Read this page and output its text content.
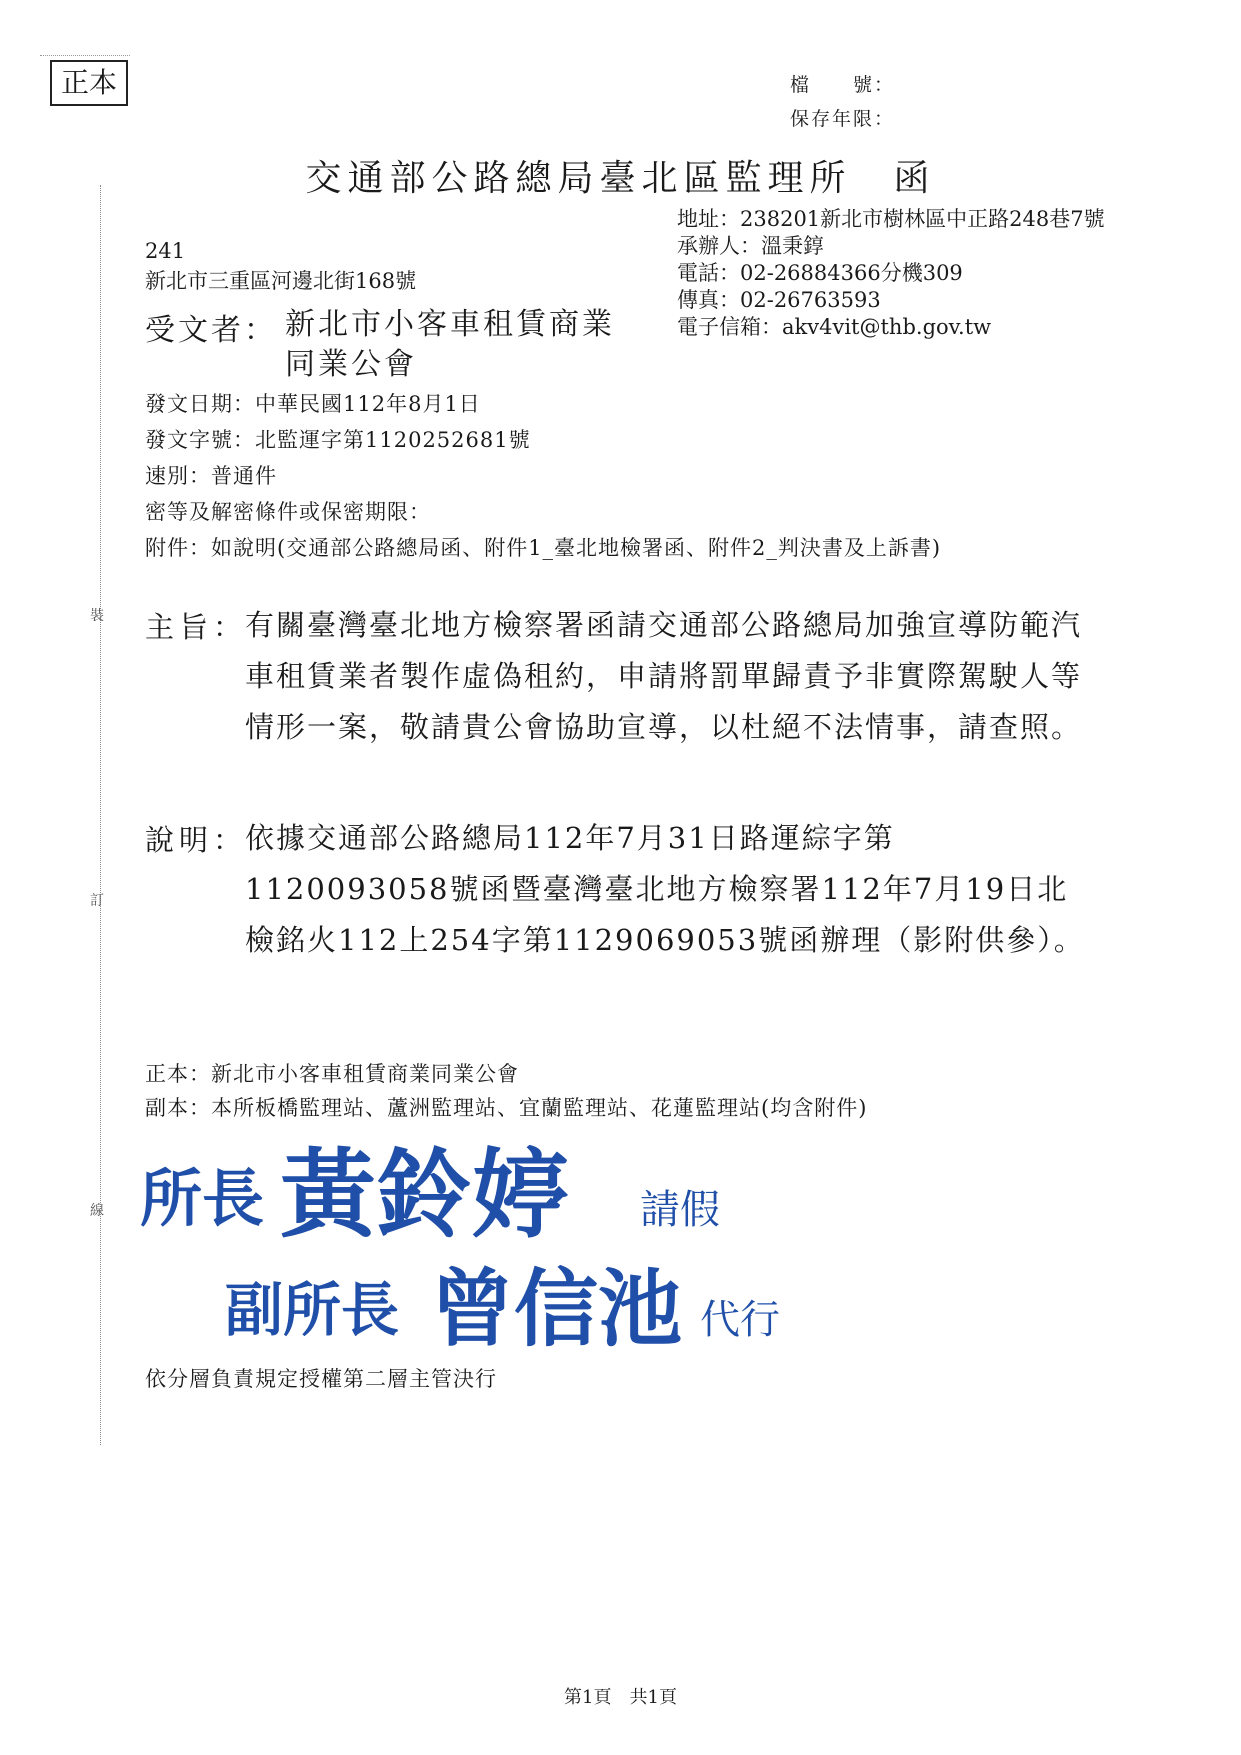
正本	檔　　號：
保存年限：
交通部公路總局臺北區監理所　函
地址：238201新北市樹林區中正路248巷7號
承辦人：溫秉錞
電話：02-26884366分機309
傳真：02-26763593
電子信箱：akv4vit@thb.gov.tw
241
新北市三重區河邊北街168號
受文者： 新北市小客車租賃商業同業公會
發文日期：中華民國112年8月1日
發文字號：北監運字第1120252681號
速別：普通件
密等及解密條件或保密期限：
附件：如說明(交通部公路總局函、附件1_臺北地檢署函、附件2_判決書及上訴書)
主旨：
有關臺灣臺北地方檢察署函請交通部公路總局加強宣導防範汽車租賃業者製作虛偽租約，申請將罰單歸責予非實際駕駛人等情形一案，敬請貴公會協助宣導，以杜絕不法情事，請查照。
說明：
依據交通部公路總局112年7月31日路運綜字第1120093058號函暨臺灣臺北地方檢察署112年7月19日北檢銘火112上254字第1129069053號函辦理（影附供參）。
正本：新北市小客車租賃商業同業公會
副本：本所板橋監理站、蘆洲監理站、宜蘭監理站、花蓮監理站(均含附件)
所長 黃鈴婷 請假
副所長 曾信池 代行
依分層負責規定授權第二層主管決行
裝
訂
線
第1頁　共1頁
